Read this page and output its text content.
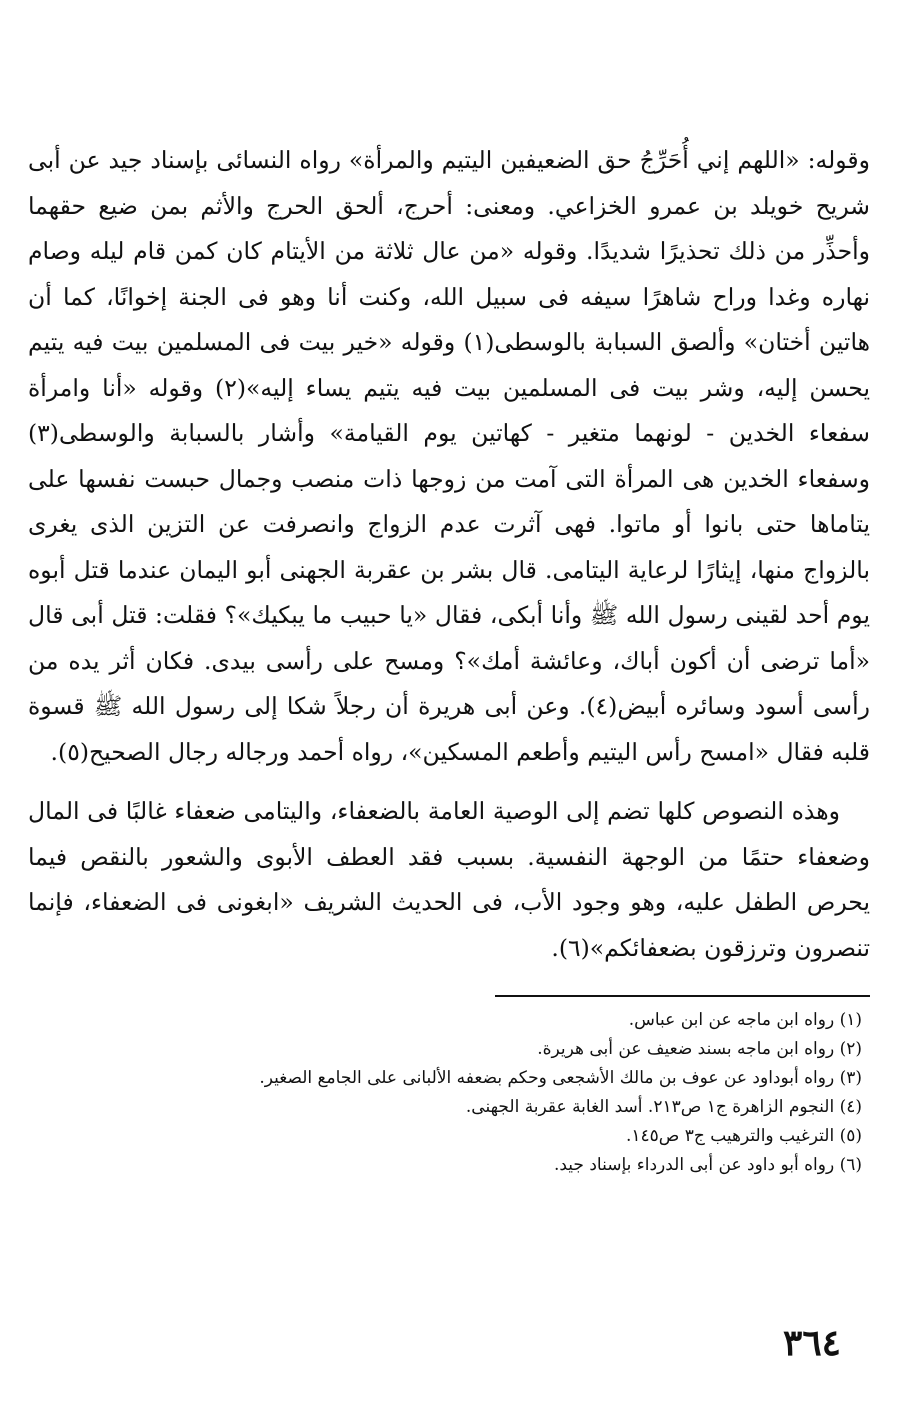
وقوله: «اللهم إني أُحَرِّجُ حق الضعيفين اليتيم والمرأة» رواه النسائى بإسناد جيد عن أبى شريح خويلد بن عمرو الخزاعي. ومعنى: أحرج، ألحق الحرج والأثم بمن ضيع حقهما وأحذِّر من ذلك تحذيرًا شديدًا. وقوله «من عال ثلاثة من الأيتام كان كمن قام ليله وصام نهاره وغدا وراح شاهرًا سيفه فى سبيل الله، وكنت أنا وهو فى الجنة إخوانًا، كما أن هاتين أختان» وألصق السبابة بالوسطى(١) وقوله «خير بيت فى المسلمين بيت فيه يتيم يحسن إليه، وشر بيت فى المسلمين بيت فيه يتيم يساء إليه»(٢) وقوله «أنا وامرأة سفعاء الخدين - لونهما متغير - كهاتين يوم القيامة» وأشار بالسبابة والوسطى(٣) وسفعاء الخدين هى المرأة التى آمت من زوجها ذات منصب وجمال حبست نفسها على يتاماها حتى بانوا أو ماتوا. فهى آثرت عدم الزواج وانصرفت عن التزين الذى يغرى بالزواج منها، إيثارًا لرعاية اليتامى. قال بشر بن عقربة الجهنى أبو اليمان عندما قتل أبوه يوم أحد لقينى رسول الله ﷺ وأنا أبكى، فقال «يا حبيب ما يبكيك»؟ فقلت: قتل أبى قال «أما ترضى أن أكون أباك، وعائشة أمك»؟ ومسح على رأسى بيدى. فكان أثر يده من رأسى أسود وسائره أبيض(٤). وعن أبى هريرة أن رجلاً شكا إلى رسول الله ﷺ قسوة قلبه فقال «امسح رأس اليتيم وأطعم المسكين»، رواه أحمد ورجاله رجال الصحيح(٥).

وهذه النصوص كلها تضم إلى الوصية العامة بالضعفاء، واليتامى ضعفاء غالبًا فى المال وضعفاء حتمًا من الوجهة النفسية. بسبب فقد العطف الأبوى والشعور بالنقص فيما يحرص الطفل عليه، وهو وجود الأب، فى الحديث الشريف «ابغونى فى الضعفاء، فإنما تنصرون وترزقون بضعفائكم»(٦).

(١) رواه ابن ماجه عن ابن عباس.

(٢) رواه ابن ماجه بسند ضعيف عن أبى هريرة.

(٣) رواه أبوداود عن عوف بن مالك الأشجعى وحكم بضعفه الألبانى على الجامع الصغير.

(٤) النجوم الزاهرة ج١ ص٢١٣. أسد الغابة عقربة الجهنى.

(٥) الترغيب والترهيب ج٣ ص١٤٥.

(٦) رواه أبو داود عن أبى الدرداء بإسناد جيد.

٣٦٤
